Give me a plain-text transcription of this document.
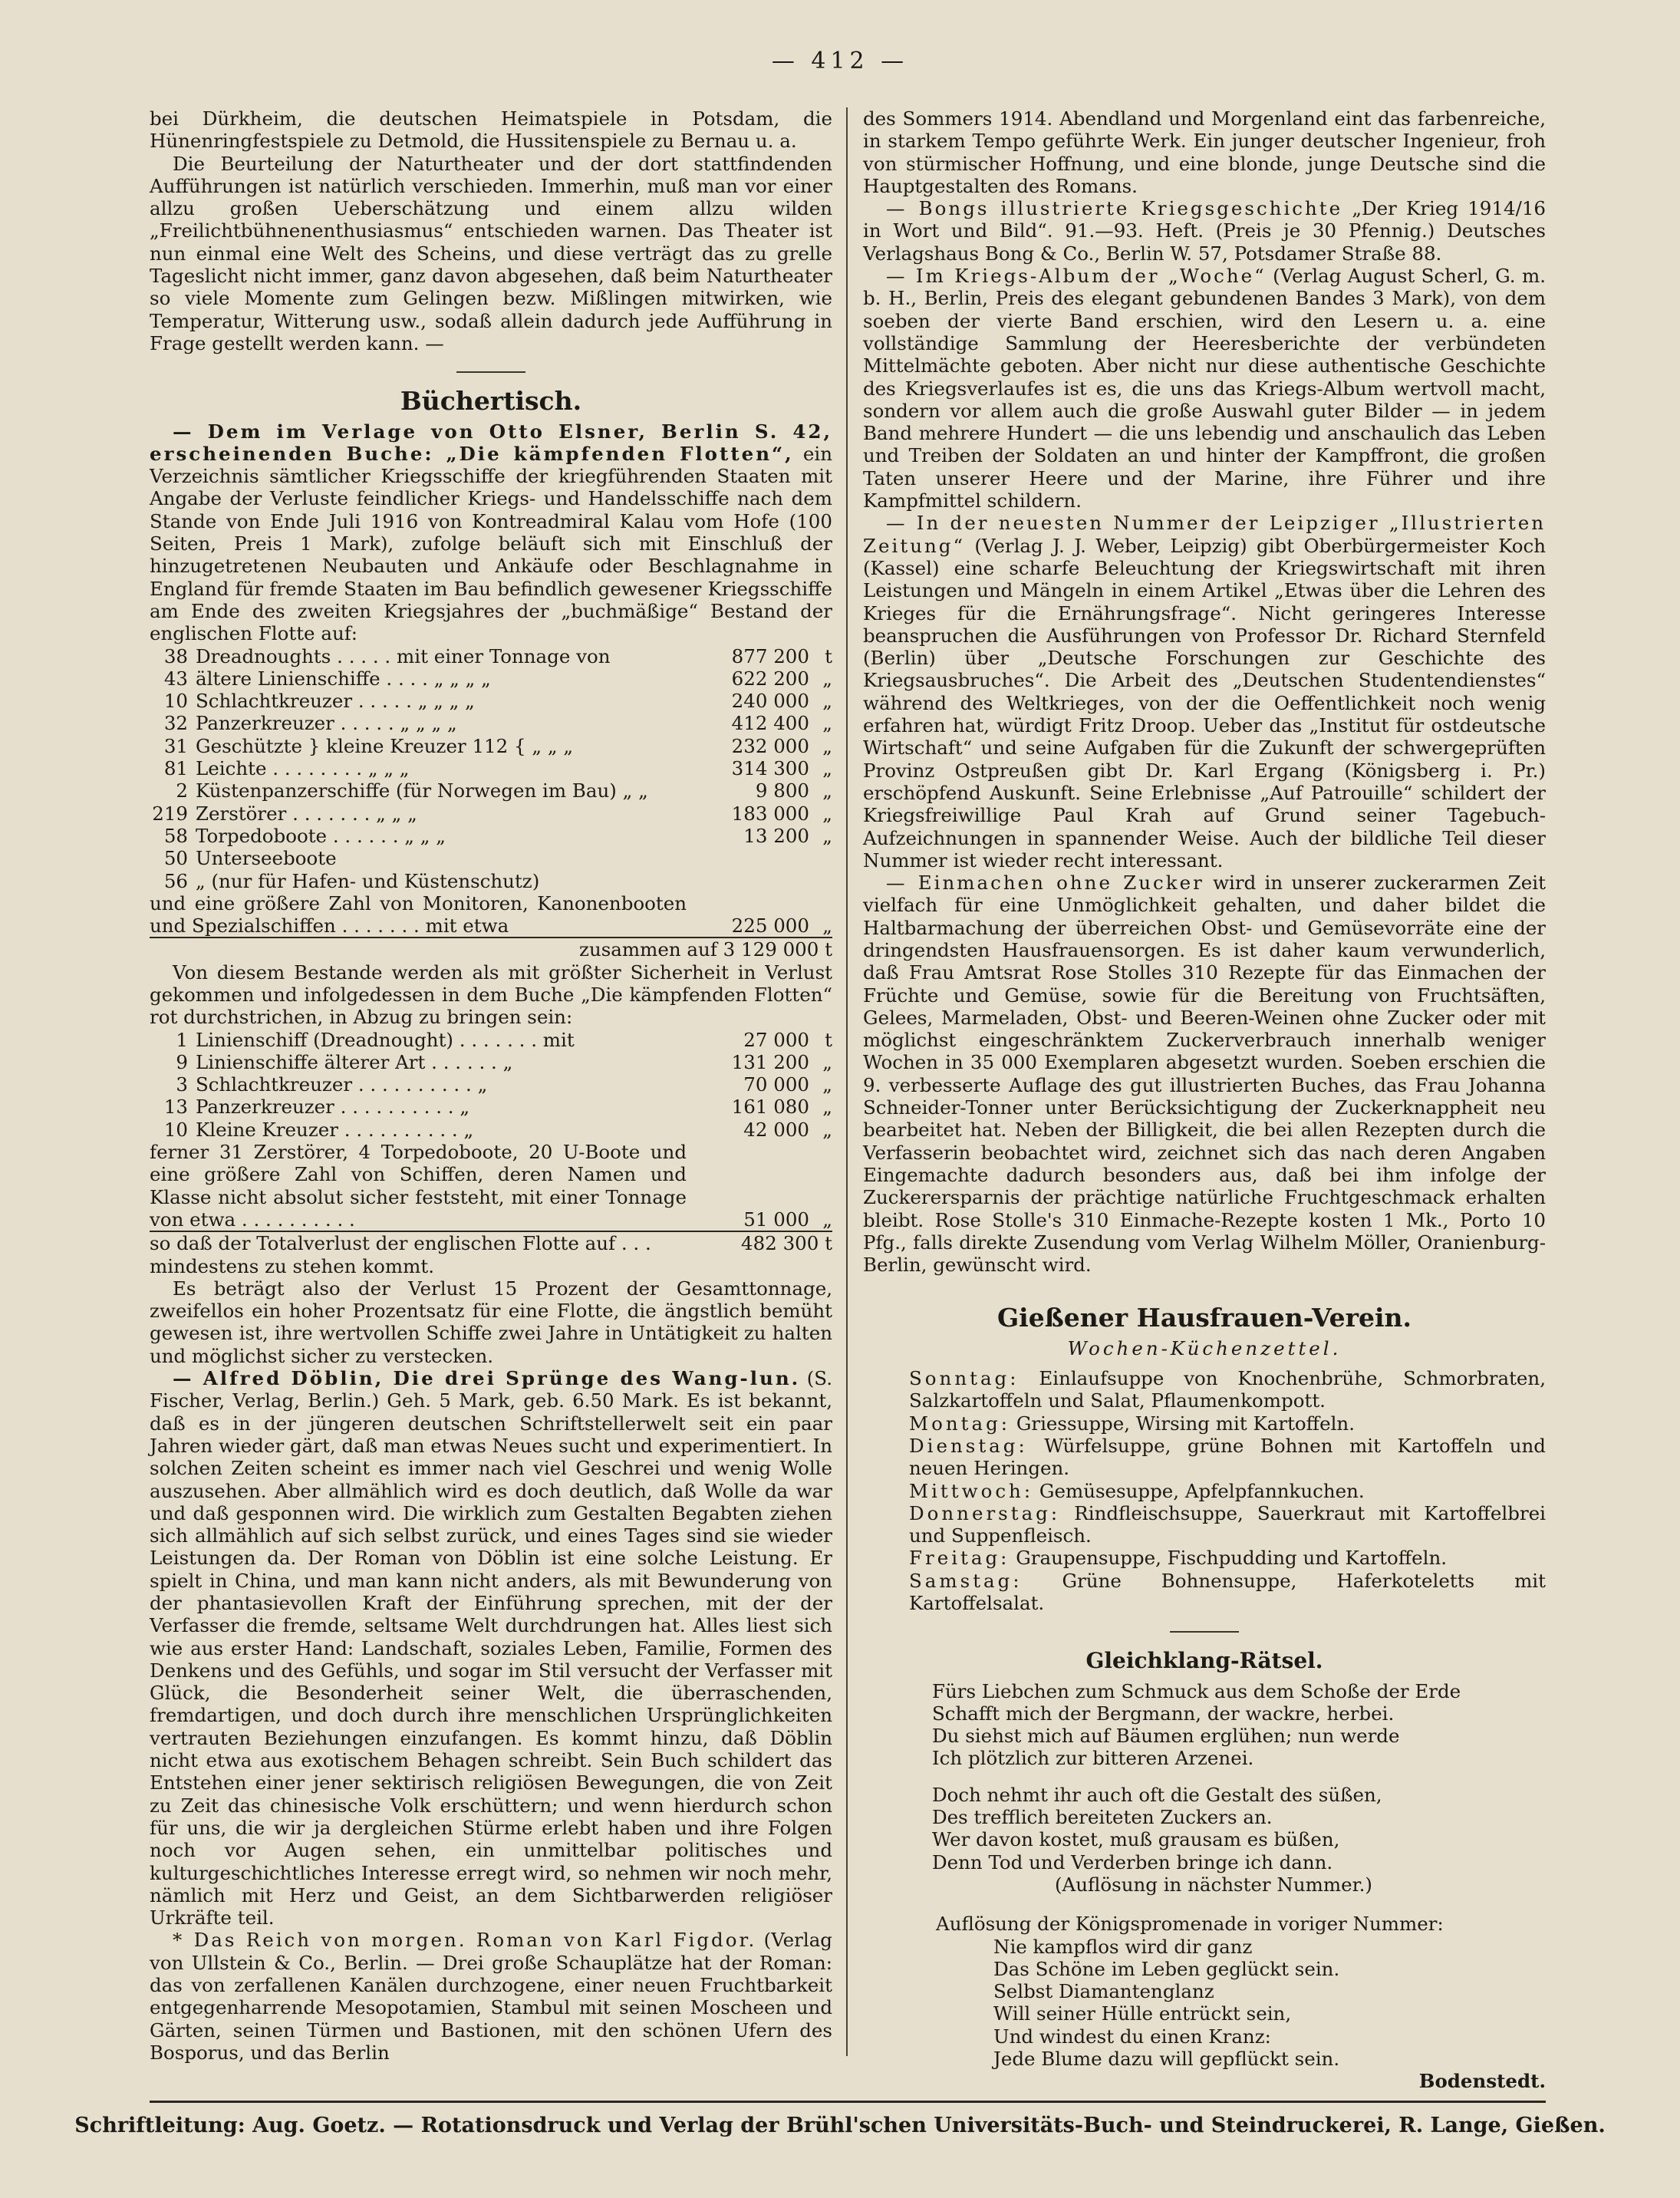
— 412 —

bei Dürkheim, die deutschen Heimatspiele in Potsdam, die Hünenringfestspiele zu Detmold, die Hussitenspiele zu Bernau u. a.

Die Beurteilung der Naturtheater und der dort stattfindenden Aufführungen ist natürlich verschieden. Immerhin, muß man vor einer allzu großen Ueberschätzung und einem allzu wilden „Freilichtbühnenenthusiasmus“ entschieden warnen. Das Theater ist nun einmal eine Welt des Scheins, und diese verträgt das zu grelle Tageslicht nicht immer, ganz davon abgesehen, daß beim Naturtheater so viele Momente zum Gelingen bezw. Mißlingen mitwirken, wie Temperatur, Witterung usw., sodaß allein dadurch jede Aufführung in Frage gestellt werden kann. —

Büchertisch.

— Dem im Verlage von Otto Elsner, Berlin S. 42, erscheinenden Buche: „Die kämpfenden Flotten“, ein Verzeichnis sämtlicher Kriegsschiffe der kriegführenden Staaten mit Angabe der Verluste feindlicher Kriegs- und Handelsschiffe nach dem Stande von Ende Juli 1916 von Kontreadmiral Kalau vom Hofe (100 Seiten, Preis 1 Mark), zufolge beläuft sich mit Einschluß der hinzugetretenen Neubauten und Ankäufe oder Beschlagnahme in England für fremde Staaten im Bau befindlich gewesener Kriegsschiffe am Ende des zweiten Kriegsjahres der „buchmäßige“ Bestand der englischen Flotte auf:

38	Dreadnoughts . . . . . mit einer Tonnage von	877 200	t
43	ältere Linienschiffe . . . . „ „ „ „	622 200	„
10	Schlachtkreuzer . . . . . „ „ „ „	240 000	„
32	Panzerkreuzer . . . . . „ „ „ „	412 400	„
31	Geschützte } kleine Kreuzer 112 { „ „ „	232 000	„
81	Leichte . . . . . . . . „ „ „	314 300	„
2	Küstenpanzerschiffe (für Norwegen im Bau) „ „	9 800	„
219	Zerstörer . . . . . . . „ „ „	183 000	„
58	Torpedoboote . . . . . . „ „ „	13 200	„
50	Unterseeboote		
56	„ (nur für Hafen- und Küstenschutz)		
und eine größere Zahl von Monitoren, Kanonenbooten und Spezialschiffen . . . . . . . mit etwa	225 000	„
zusammen auf 3 129 000 t

Von diesem Bestande werden als mit größter Sicherheit in Verlust gekommen und infolgedessen in dem Buche „Die kämpfenden Flotten“ rot durchstrichen, in Abzug zu bringen sein:

1	Linienschiff (Dreadnought) . . . . . . . mit	27 000	t
9	Linienschiffe älterer Art . . . . . . „	131 200	„
3	Schlachtkreuzer . . . . . . . . . . „	70 000	„
13	Panzerkreuzer . . . . . . . . . . „	161 080	„
10	Kleine Kreuzer . . . . . . . . . . „	42 000	„
ferner 31 Zerstörer, 4 Torpedoboote, 20 U-Boote und eine größere Zahl von Schiffen, deren Namen und Klasse nicht absolut sicher feststeht, mit einer Tonnage von etwa . . . . . . . . . .	51 000	„
so daß der Totalverlust der englischen Flotte auf . . .	482 300 t	

mindestens zu stehen kommt.

Es beträgt also der Verlust 15 Prozent der Gesamttonnage, zweifellos ein hoher Prozentsatz für eine Flotte, die ängstlich bemüht gewesen ist, ihre wertvollen Schiffe zwei Jahre in Untätigkeit zu halten und möglichst sicher zu verstecken.

— Alfred Döblin, Die drei Sprünge des Wang-lun. (S. Fischer, Verlag, Berlin.) Geh. 5 Mark, geb. 6.50 Mark. Es ist bekannt, daß es in der jüngeren deutschen Schriftstellerwelt seit ein paar Jahren wieder gärt, daß man etwas Neues sucht und experimentiert. In solchen Zeiten scheint es immer nach viel Geschrei und wenig Wolle auszusehen. Aber allmählich wird es doch deutlich, daß Wolle da war und daß gesponnen wird. Die wirklich zum Gestalten Begabten ziehen sich allmählich auf sich selbst zurück, und eines Tages sind sie wieder Leistungen da. Der Roman von Döblin ist eine solche Leistung. Er spielt in China, und man kann nicht anders, als mit Bewunderung von der phantasievollen Kraft der Einführung sprechen, mit der der Verfasser die fremde, seltsame Welt durchdrungen hat. Alles liest sich wie aus erster Hand: Landschaft, soziales Leben, Familie, Formen des Denkens und des Gefühls, und sogar im Stil versucht der Verfasser mit Glück, die Besonderheit seiner Welt, die überraschenden, fremdartigen, und doch durch ihre menschlichen Ursprünglichkeiten vertrauten Beziehungen einzufangen. Es kommt hinzu, daß Döblin nicht etwa aus exotischem Behagen schreibt. Sein Buch schildert das Entstehen einer jener sektirisch religiösen Bewegungen, die von Zeit zu Zeit das chinesische Volk erschüttern; und wenn hierdurch schon für uns, die wir ja dergleichen Stürme erlebt haben und ihre Folgen noch vor Augen sehen, ein unmittelbar politisches und kulturgeschichtliches Interesse erregt wird, so nehmen wir noch mehr, nämlich mit Herz und Geist, an dem Sichtbarwerden religiöser Urkräfte teil.

* Das Reich von morgen. Roman von Karl Figdor. (Verlag von Ullstein & Co., Berlin. — Drei große Schauplätze hat der Roman: das von zerfallenen Kanälen durchzogene, einer neuen Fruchtbarkeit entgegenharrende Mesopotamien, Stambul mit seinen Moscheen und Gärten, seinen Türmen und Bastionen, mit den schönen Ufern des Bosporus, und das Berlin

des Sommers 1914. Abendland und Morgenland eint das farbenreiche, in starkem Tempo geführte Werk. Ein junger deutscher Ingenieur, froh von stürmischer Hoffnung, und eine blonde, junge Deutsche sind die Hauptgestalten des Romans.

— Bongs illustrierte Kriegsgeschichte „Der Krieg 1914/16 in Wort und Bild“. 91.—93. Heft. (Preis je 30 Pfennig.) Deutsches Verlagshaus Bong & Co., Berlin W. 57, Potsdamer Straße 88.

— Im Kriegs-Album der „Woche“ (Verlag August Scherl, G. m. b. H., Berlin, Preis des elegant gebundenen Bandes 3 Mark), von dem soeben der vierte Band erschien, wird den Lesern u. a. eine vollständige Sammlung der Heeresberichte der verbündeten Mittelmächte geboten. Aber nicht nur diese authentische Geschichte des Kriegsverlaufes ist es, die uns das Kriegs-Album wertvoll macht, sondern vor allem auch die große Auswahl guter Bilder — in jedem Band mehrere Hundert — die uns lebendig und anschaulich das Leben und Treiben der Soldaten an und hinter der Kampffront, die großen Taten unserer Heere und der Marine, ihre Führer und ihre Kampfmittel schildern.

— In der neuesten Nummer der Leipziger „Illustrierten Zeitung“ (Verlag J. J. Weber, Leipzig) gibt Oberbürgermeister Koch (Kassel) eine scharfe Beleuchtung der Kriegswirtschaft mit ihren Leistungen und Mängeln in einem Artikel „Etwas über die Lehren des Krieges für die Ernährungsfrage“. Nicht geringeres Interesse beanspruchen die Ausführungen von Professor Dr. Richard Sternfeld (Berlin) über „Deutsche Forschungen zur Geschichte des Kriegsausbruches“. Die Arbeit des „Deutschen Studentendienstes“ während des Weltkrieges, von der die Oeffentlichkeit noch wenig erfahren hat, würdigt Fritz Droop. Ueber das „Institut für ostdeutsche Wirtschaft“ und seine Aufgaben für die Zukunft der schwergeprüften Provinz Ostpreußen gibt Dr. Karl Ergang (Königsberg i. Pr.) erschöpfend Auskunft. Seine Erlebnisse „Auf Patrouille“ schildert der Kriegsfreiwillige Paul Krah auf Grund seiner Tagebuch-Aufzeichnungen in spannender Weise. Auch der bildliche Teil dieser Nummer ist wieder recht interessant.

— Einmachen ohne Zucker wird in unserer zuckerarmen Zeit vielfach für eine Unmöglichkeit gehalten, und daher bildet die Haltbarmachung der überreichen Obst- und Gemüsevorräte eine der dringendsten Hausfrauensorgen. Es ist daher kaum verwunderlich, daß Frau Amtsrat Rose Stolles 310 Rezepte für das Einmachen der Früchte und Gemüse, sowie für die Bereitung von Fruchtsäften, Gelees, Marmeladen, Obst- und Beeren-Weinen ohne Zucker oder mit möglichst eingeschränktem Zuckerverbrauch innerhalb weniger Wochen in 35 000 Exemplaren abgesetzt wurden. Soeben erschien die 9. verbesserte Auflage des gut illustrierten Buches, das Frau Johanna Schneider-Tonner unter Berücksichtigung der Zuckerknappheit neu bearbeitet hat. Neben der Billigkeit, die bei allen Rezepten durch die Verfasserin beobachtet wird, zeichnet sich das nach deren Angaben Eingemachte dadurch besonders aus, daß bei ihm infolge der Zuckerersparnis der prächtige natürliche Fruchtgeschmack erhalten bleibt. Rose Stolle's 310 Einmache-Rezepte kosten 1 Mk., Porto 10 Pfg., falls direkte Zusendung vom Verlag Wilhelm Möller, Oranienburg-Berlin, gewünscht wird.

Gießener Hausfrauen-Verein.
Wochen-Küchenzettel.

Sonntag: Einlaufsuppe von Knochenbrühe, Schmorbraten, Salzkartoffeln und Salat, Pflaumenkompott.

Montag: Griessuppe, Wirsing mit Kartoffeln.

Dienstag: Würfelsuppe, grüne Bohnen mit Kartoffeln und neuen Heringen.

Mittwoch: Gemüsesuppe, Apfelpfannkuchen.

Donnerstag: Rindfleischsuppe, Sauerkraut mit Kartoffelbrei und Suppenfleisch.

Freitag: Graupensuppe, Fischpudding und Kartoffeln.

Samstag: Grüne Bohnensuppe, Haferkoteletts mit Kartoffelsalat.

Gleichklang-Rätsel.
Fürs Liebchen zum Schmuck aus dem Schoße der Erde
Schafft mich der Bergmann, der wackre, herbei.
Du siehst mich auf Bäumen erglühen; nun werde
Ich plötzlich zur bitteren Arzenei.
Doch nehmt ihr auch oft die Gestalt des süßen,
Des trefflich bereiteten Zuckers an.
Wer davon kostet, muß grausam es büßen,
Denn Tod und Verderben bringe ich dann.
(Auflösung in nächster Nummer.)
Auflösung der Königspromenade in voriger Nummer:
Nie kampflos wird dir ganz
Das Schöne im Leben geglückt sein.
Selbst Diamantenglanz
Will seiner Hülle entrückt sein,
Und windest du einen Kranz:
Jede Blume dazu will gepflückt sein.
Bodenstedt.
Schriftleitung: Aug. Goetz. — Rotationsdruck und Verlag der Brühl'schen Universitäts-Buch- und Steindruckerei, R. Lange, Gießen.
